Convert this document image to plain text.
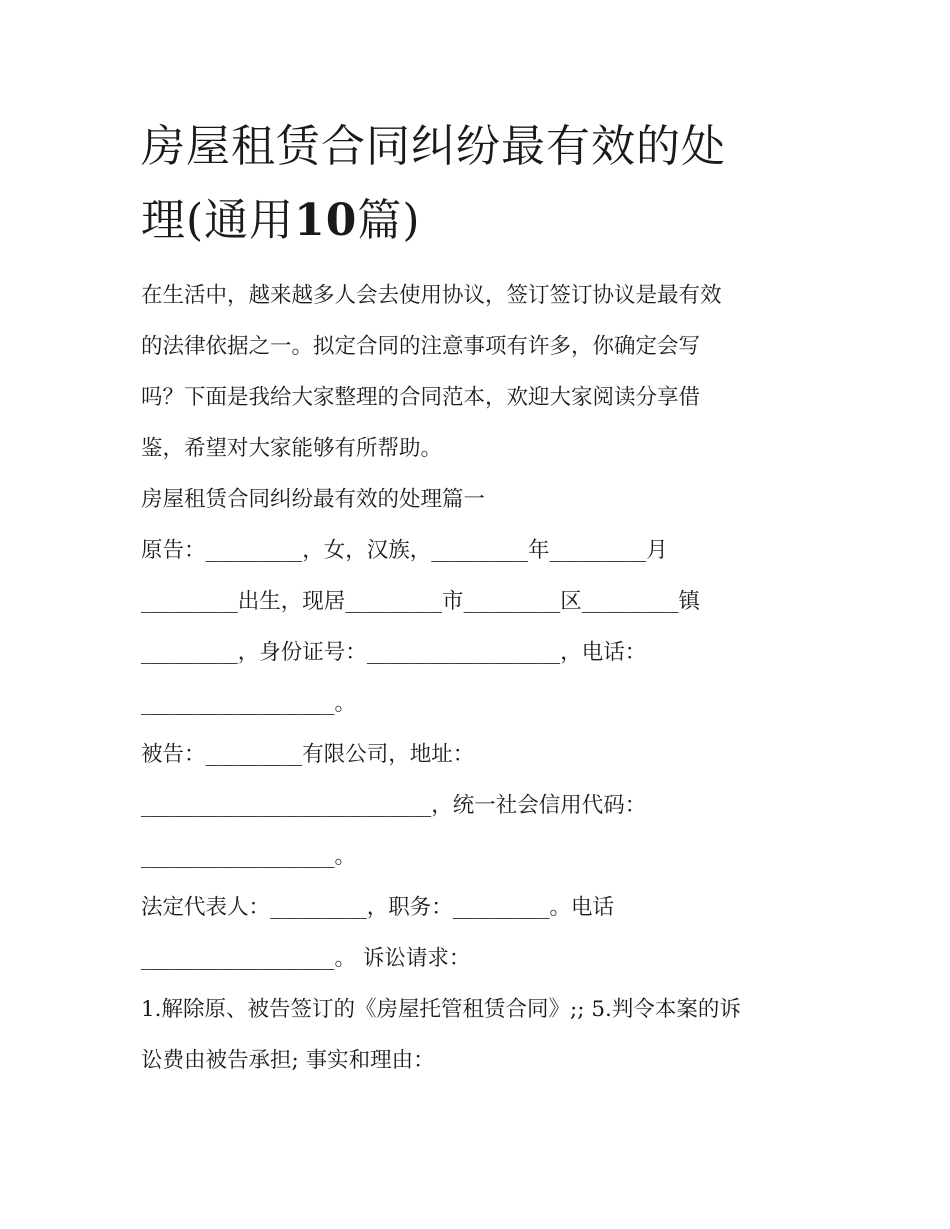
房屋租赁合同纠纷最有效的处
理(通用10篇)

在生活中，越来越多人会去使用协议，签订签订协议是最有效

的法律依据之一。拟定合同的注意事项有许多，你确定会写

吗？下面是我给大家整理的合同范本，欢迎大家阅读分享借

鉴，希望对大家能够有所帮助。

房屋租赁合同纠纷最有效的处理篇一

原告：_________，女，汉族，_________年_________月

_________出生，现居_________市_________区_________镇

_________，身份证号：__________________，电话：

__________________。

被告：_________有限公司，地址：

___________________________，统一社会信用代码：

__________________。

法定代表人：_________，职务：_________。电话

__________________。 诉讼请求：

1.解除原、被告签订的《房屋托管租赁合同》;; 5.判令本案的诉

讼费由被告承担; 事实和理由：
